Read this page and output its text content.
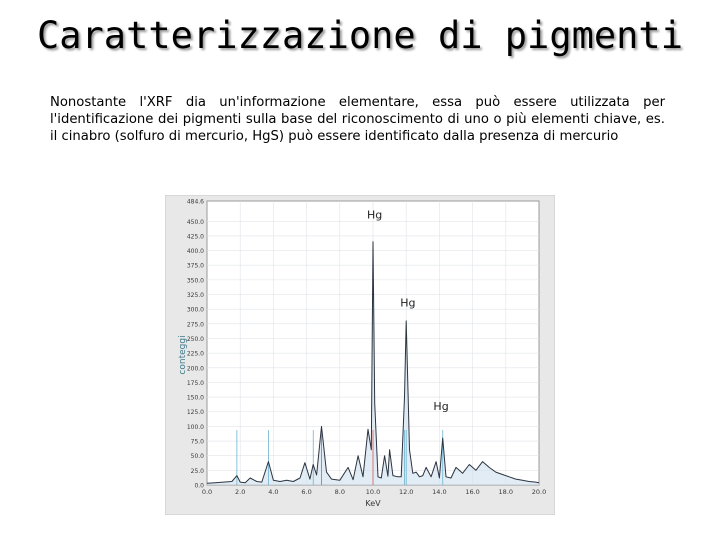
Caratterizzazione di pigmenti
Nonostante l'XRF dia un'informazione elementare, essa può essere utilizzata per l'identificazione dei pigmenti sulla base del riconoscimento di uno o più elementi chiave, es. il cinabro (solfuro di mercurio, HgS) può essere identificato dalla presenza di mercurio
0.0
25.0
50.0
75.0
100.0
125.0
150.0
175.0
200.0
225.0
250.0
275.0
300.0
325.0
350.0
375.0
400.0
425.0
450.0
484.6
0.0	2.0	4.0	6.0	8.0	10.0	12.0	14.0	16.0	18.0	20.0
Hg
Hg
Hg
conteggi
KeV
